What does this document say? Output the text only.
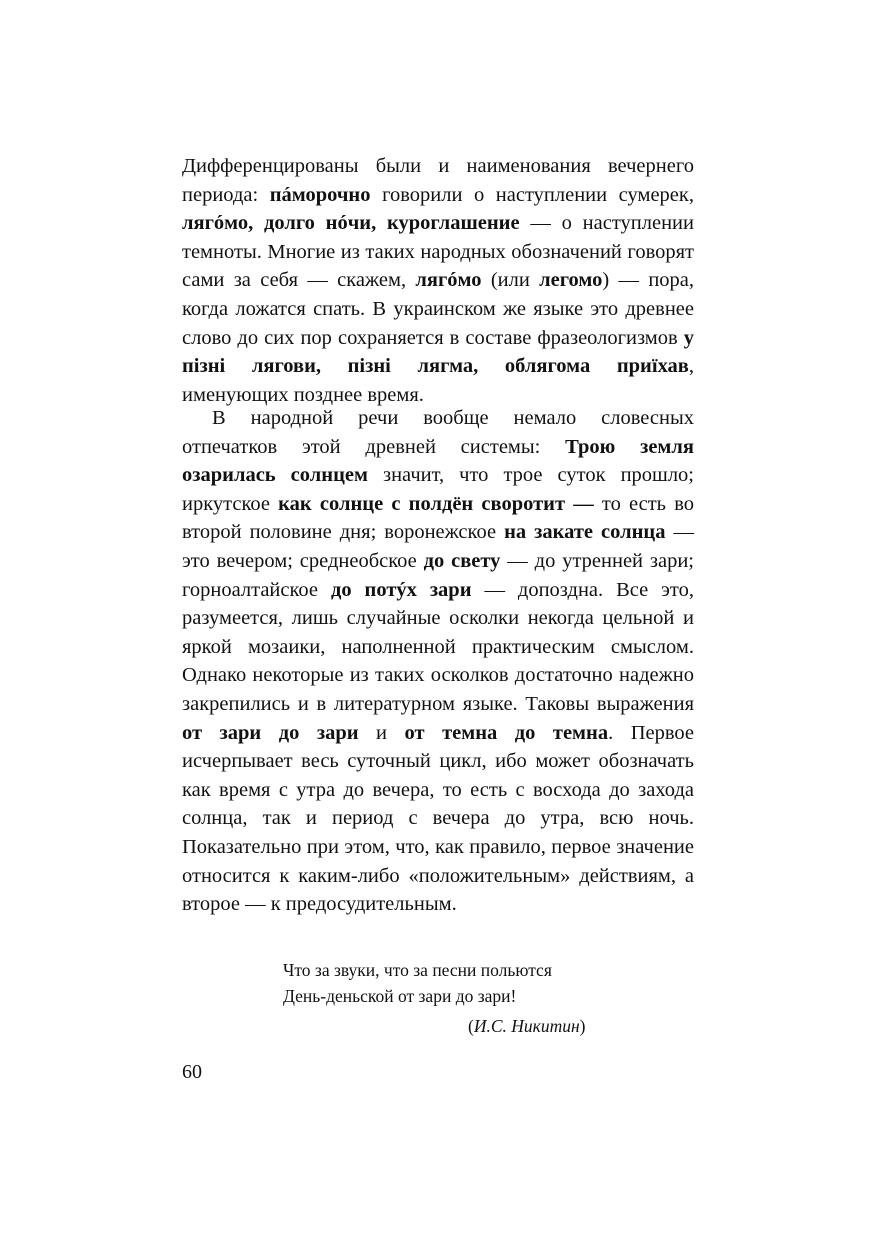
Дифференцированы были и наименования вечернего периода: пáморочно говорили о наступлении сумерек, лягóмо, долго нóчи, куроглашение — о наступлении темноты. Многие из таких народных обозначений говорят сами за себя — скажем, лягóмо (или легомо) — пора, когда ложатся спать. В украинском же языке это древнее слово до сих пор сохраняется в составе фразеологизмов у пізні лягови, пізні лягма, облягома приїхав, именующих позднее время.

В народной речи вообще немало словесных отпечатков этой древней системы: Трою земля озарилась солнцем значит, что трое суток прошло; иркутское как солнце с полдён своротит — то есть во второй половине дня; воронежское на закате солнца — это вечером; среднеобское до свету — до утренней зари; горноалтайское до потýх зари — допоздна. Все это, разумеется, лишь случайные осколки некогда цельной и яркой мозаики, наполненной практическим смыслом. Однако некоторые из таких осколков достаточно надежно закрепились и в литературном языке. Таковы выражения от зари до зари и от темна до темна. Первое исчерпывает весь суточный цикл, ибо может обозначать как время с утра до вечера, то есть с восхода до захода солнца, так и период с вечера до утра, всю ночь. Показательно при этом, что, как правило, первое значение относится к каким-либо «положительным» действиям, а второе — к предосудительным.

Что за звуки, что за песни польются
День-деньской от зари до зари!
(И.С. Никитин)
60
